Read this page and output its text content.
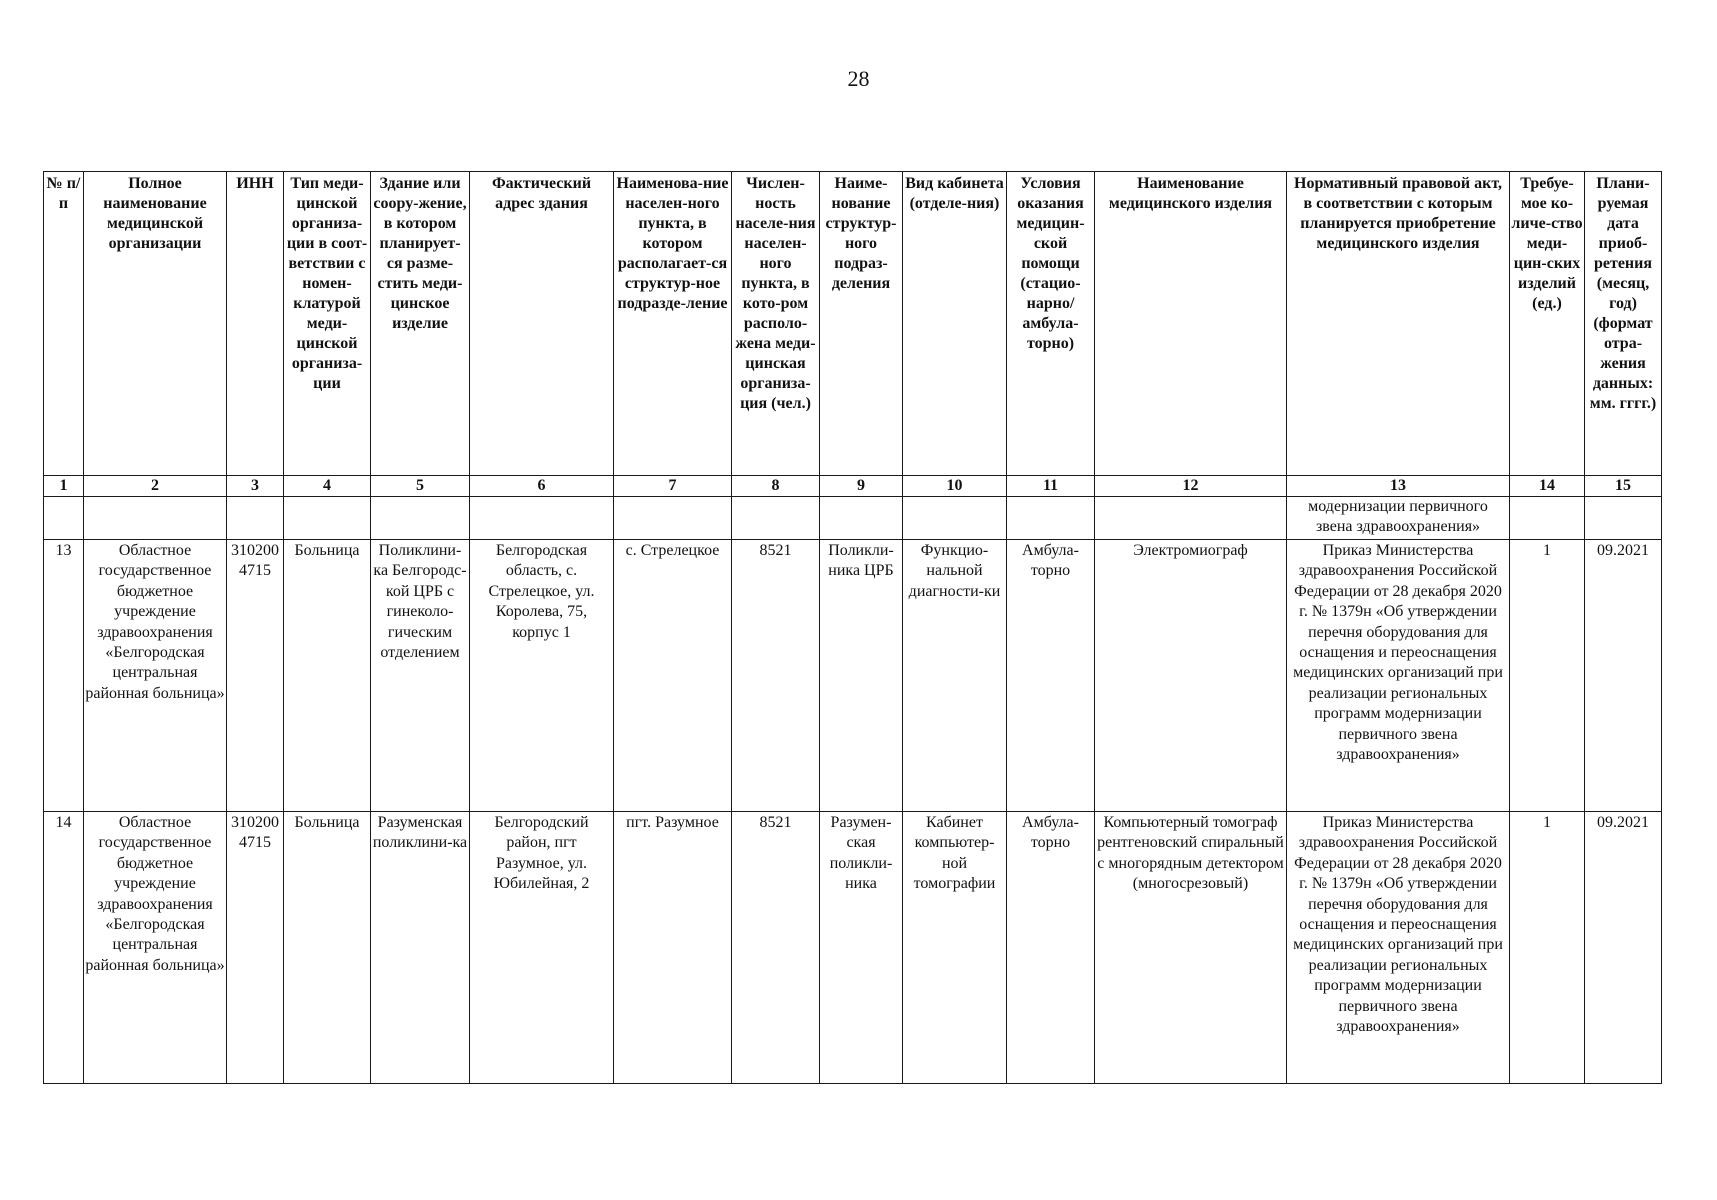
28
№ п/п	Полное наименование медицинской организации	ИНН	Тип меди-цинской организа-ции в соот-ветствии с номен-клатурой меди-цинской организа-ции	Здание или соору-жение, в котором планирует-ся разме-стить меди-цинское изделие	Фактический адрес здания	Наименова-ние населен-ного пункта, в котором располагает-ся структур-ное подразде-ление	Числен-ность населе-ния населен-ного пункта, в кото-ром располо-жена меди-цинская организа-ция (чел.)	Наиме-нование структур-ного подраз-деления	Вид кабинета (отделе-ния)	Условия оказания медицин-ской помощи (стацио-нарно/ амбула-торно)	Наименование медицинского изделия	Нормативный правовой акт, в соответствии с которым планируется приобретение медицинского изделия	Требуе-мое ко-личе-ство меди-цин-ских изделий (ед.)	Плани-руемая дата приоб-ретения (месяц, год) (формат отра-жения данных: мм. гггг.)
1	2	3	4	5	6	7	8	9	10	11	12	13	14	15
												модернизации первичного звена здравоохранения»		
13	Областное государственное бюджетное учреждение здравоохранения «Белгородская центральная районная больница»	3102004715	Больница	Поликлини-ка Белгородс-кой ЦРБ с гинеколо-гическим отделением	Белгородская область, с. Стрелецкое, ул. Королева, 75, корпус 1	с. Стрелецкое	8521	Поликли-ника ЦРБ	Функцио-нальной диагности-ки	Амбула-торно	Электромиограф	Приказ Министерства здравоохранения Российской Федерации от 28 декабря 2020 г. № 1379н «Об утверждении перечня оборудования для оснащения и переоснащения медицинских организаций при реализации региональных программ модернизации первичного звена здравоохранения»	1	09.2021
14	Областное государственное бюджетное учреждение здравоохранения «Белгородская центральная районная больница»	3102004715	Больница	Разуменская поликлини-ка	Белгородский район, пгт Разумное, ул. Юбилейная, 2	пгт. Разумное	8521	Разумен-ская поликли-ника	Кабинет компьютер-ной томографии	Амбула-торно	Компьютерный томограф рентгеновский спиральный с многорядным детектором (многосрезовый)	Приказ Министерства здравоохранения Российской Федерации от 28 декабря 2020 г. № 1379н «Об утверждении перечня оборудования для оснащения и переоснащения медицинских организаций при реализации региональных программ модернизации первичного звена здравоохранения»	1	09.2021
